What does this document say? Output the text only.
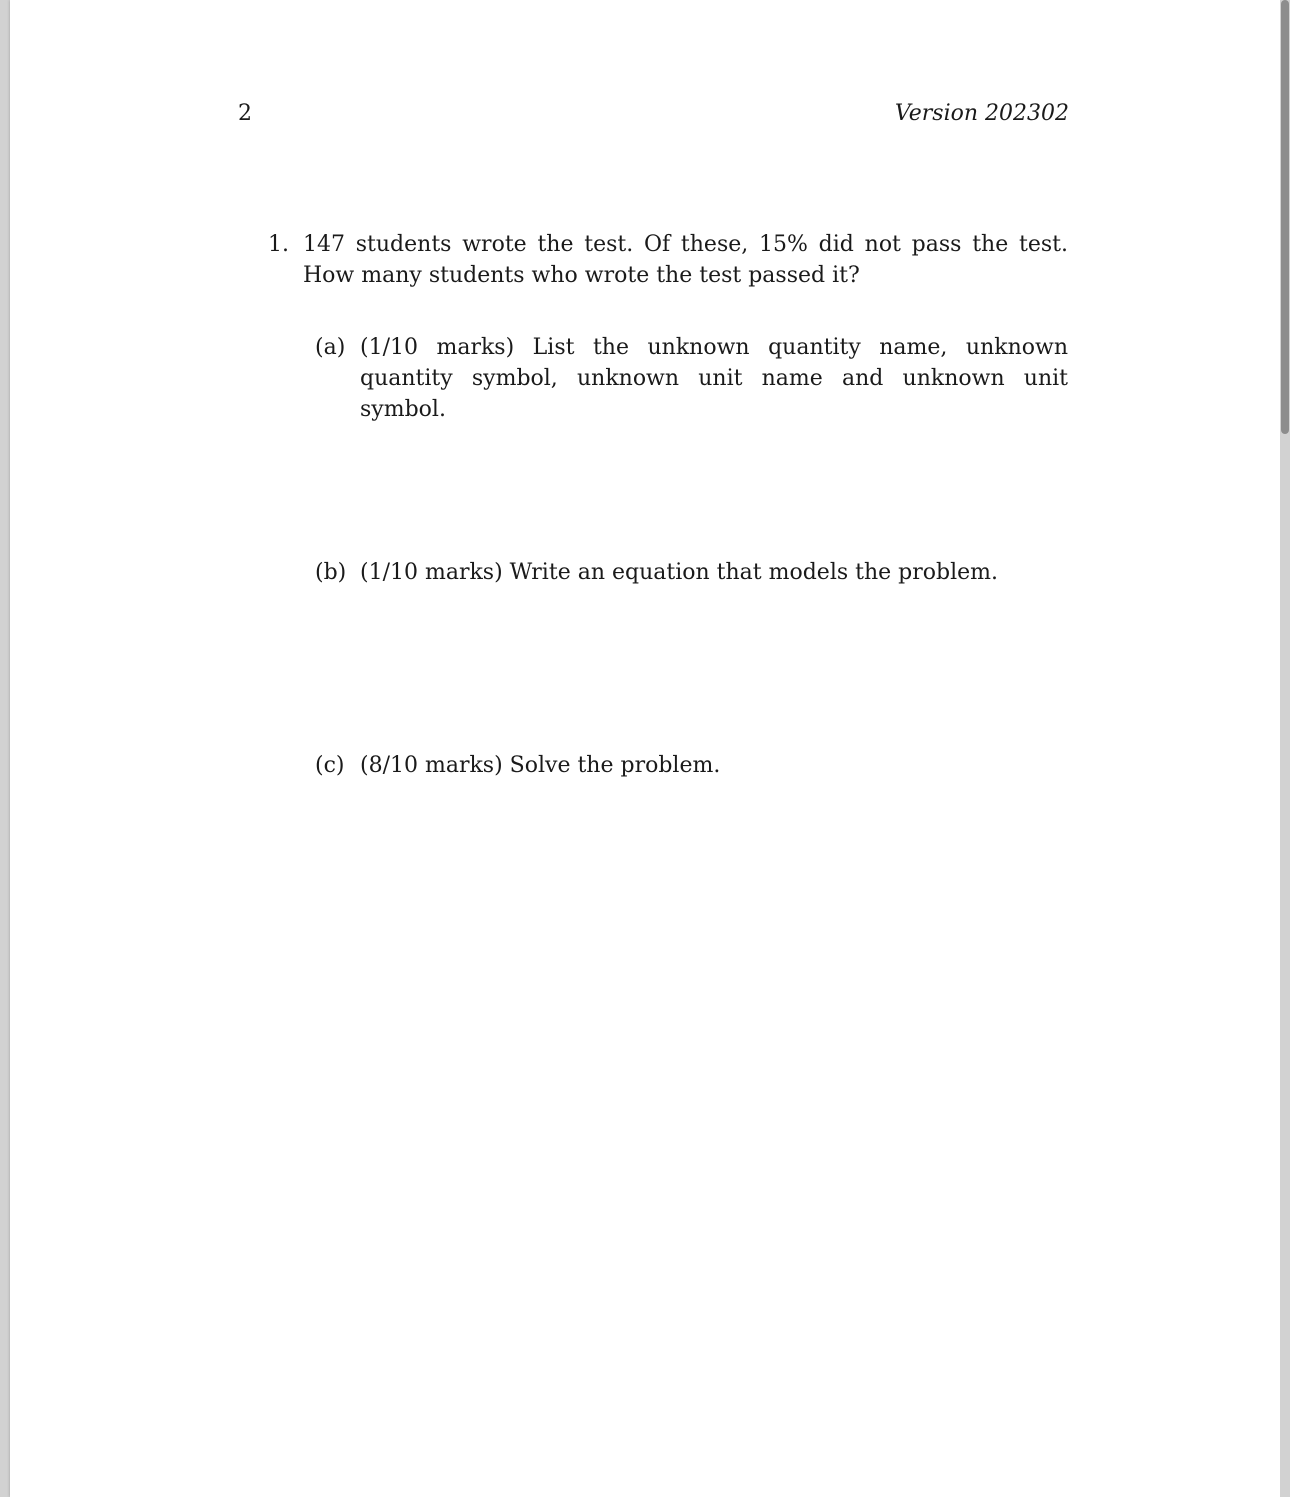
2	Version 202302
1. 147 students wrote the test. Of these, 15% did not pass the test. How many students who wrote the test passed it?
(a) (1/10 marks) List the unknown quantity name, unknown quantity symbol, unknown unit name and unknown unit symbol.
(b) (1/10 marks) Write an equation that models the problem.
(c) (8/10 marks) Solve the problem.
